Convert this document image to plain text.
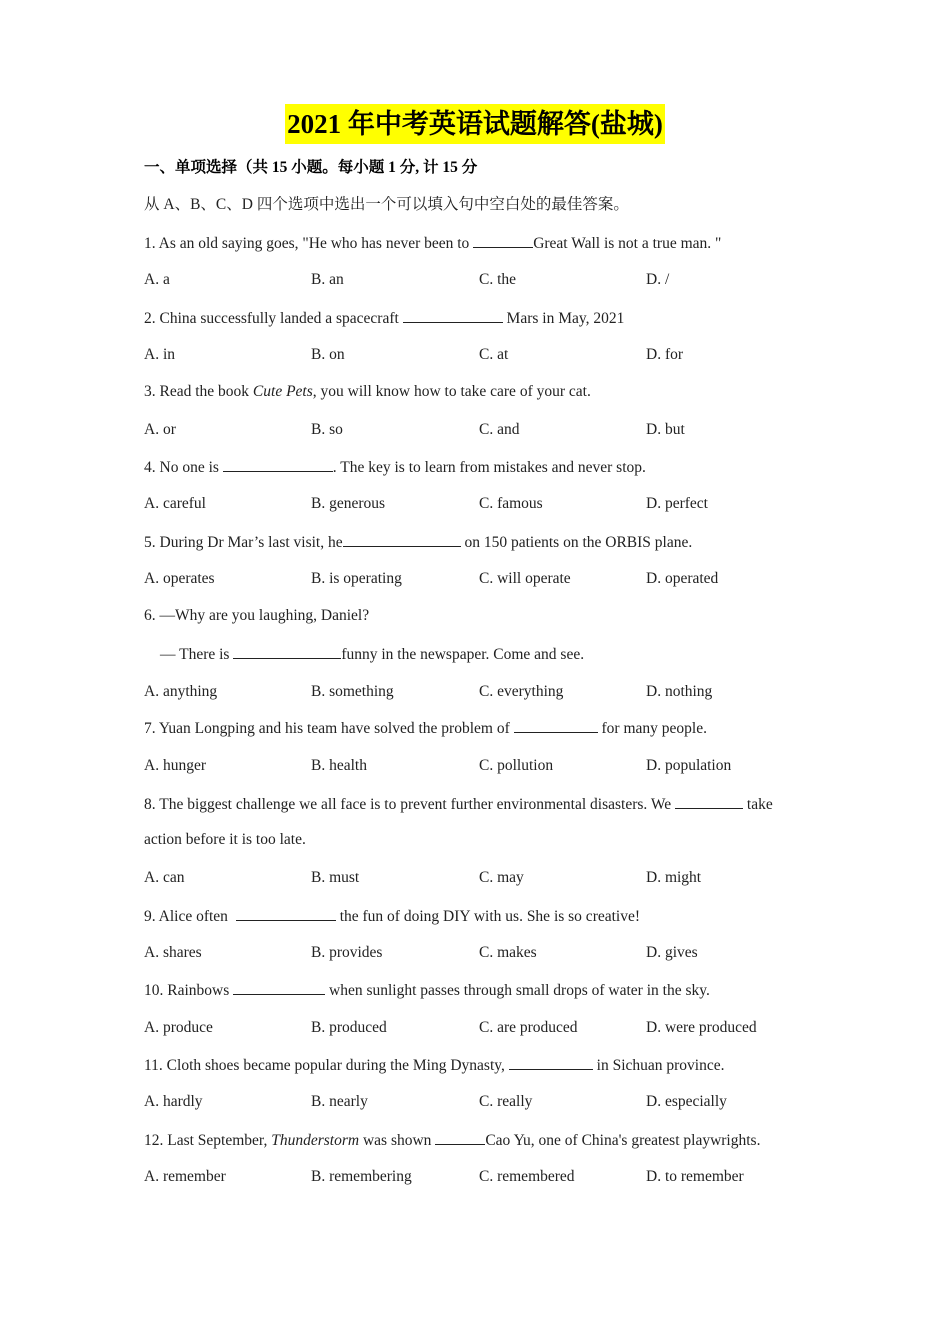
2021 年中考英语试题解答(盐城)
一、单项选择（共 15 小题。每小题 1 分, 计 15 分
从 A、B、C、D 四个选项中选出一个可以填入句中空白处的最佳答案。
1. As an old saying goes, "He who has never been to	Great Wall is not a true man. "
A. a	B. an	C. the	D. /
2. China successfully landed a spacecraft	Mars in May, 2021
A. in	B. on	C. at	D. for
3. Read the book Cute Pets, you will know how to take care of your cat.
A. or	B. so	C. and	D. but
4. No one is	. The key is to learn from mistakes and never stop.
A. careful	B. generous	C. famous	D. perfect
5. During Dr Mar’s last visit, he	on 150 patients on the ORBIS plane.
A. operates	B. is operating	C. will operate	D. operated
6. —Why are you laughing, Daniel?
— There is	funny in the newspaper. Come and see.
A. anything	B. something	C. everything	D. nothing
7. Yuan Longping and his team have solved the problem of	for many people.
A. hunger	B. health	C. pollution	D. population
8. The biggest challenge we all face is to prevent further environmental disasters. We	take
action before it is too late.
A. can	B. must	C. may	D. might
9. Alice often	the fun of doing DIY with us. She is so creative!
A. shares	B. provides	C. makes	D. gives
10. Rainbows	when sunlight passes through small drops of water in the sky.
A. produce	B. produced	C. are produced	D. were produced
11. Cloth shoes became popular during the Ming Dynasty,	in Sichuan province.
A. hardly	B. nearly	C. really	D. especially
12. Last September, Thunderstorm was shown	Cao Yu, one of China's greatest playwrights.
A. remember	B. remembering	C. remembered	D. to remember
